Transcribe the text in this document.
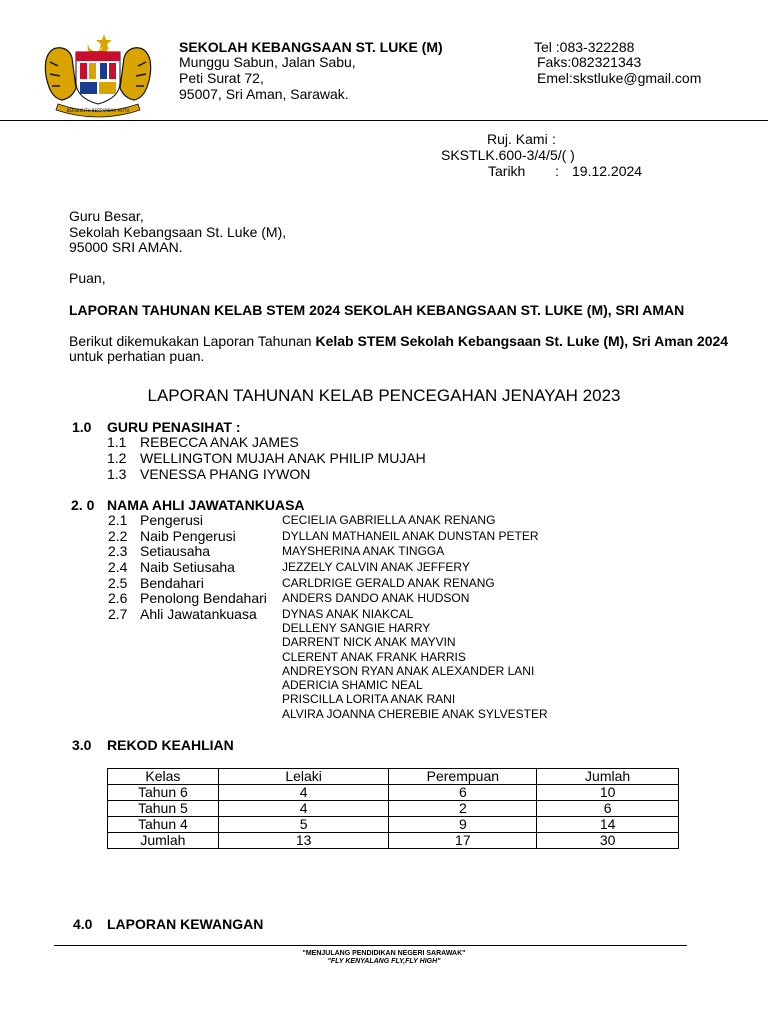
BERSEKUTU BERTAMBAH MUTU
SEKOLAH KEBANGSAAN ST. LUKE (M)
Munggu Sabun, Jalan Sabu,
Peti Surat 72,
95007, Sri Aman, Sarawak.
Tel :083-322288
Faks:082321343
Emel:skstluke@gmail.com
Ruj. Kami :
SKSTLK.600-3/4/5/( )
Tarikh : 19.12.2024
Guru Besar,
Sekolah Kebangsaan St. Luke (M),
95000 SRI AMAN.
Puan,
LAPORAN TAHUNAN KELAB STEM 2024 SEKOLAH KEBANGSAAN ST. LUKE (M), SRI AMAN
Berikut dikemukakan Laporan Tahunan Kelab STEM Sekolah Kebangsaan St. Luke (M), Sri Aman 2024
untuk perhatian puan.
LAPORAN TAHUNAN KELAB PENCEGAHAN JENAYAH 2023
1.0 GURU PENASIHAT :
1.1 REBECCA ANAK JAMES
1.2 WELLINGTON MUJAH ANAK PHILIP MUJAH
1.3 VENESSA PHANG IYWON
2. 0 NAMA AHLI JAWATANKUASA
2.1 Pengerusi	CECIELIA GABRIELLA ANAK RENANG
2.2 Naib Pengerusi	DYLLAN MATHANEIL ANAK DUNSTAN PETER
2.3 Setiausaha	MAYSHERINA ANAK TINGGA
2.4 Naib Setiusaha	JEZZELY CALVIN ANAK JEFFERY
2.5 Bendahari	CARLDRIGE GERALD ANAK RENANG
2.6 Penolong Bendahari ANDERS DANDO ANAK HUDSON
2.7 Ahli Jawatankuasa DYNAS ANAK NIAKCAL
DELLENY SANGIE HARRY
DARRENT NICK ANAK MAYVIN
CLERENT ANAK FRANK HARRIS
ANDREYSON RYAN ANAK ALEXANDER LANI
ADERICIA SHAMIC NEAL
PRISCILLA LORITA ANAK RANI
ALVIRA JOANNA CHEREBIE ANAK SYLVESTER
3.0 REKOD KEAHLIAN
Kelas	Lelaki	Perempuan	Jumlah
Tahun 6	4	6	10
Tahun 5	4	2	6
Tahun 4	5	9	14
Jumlah	13	17	30
4.0 LAPORAN KEWANGAN
"MENJULANG PENDIDIKAN NEGERI SARAWAK"
"FLY KENYALANG FLY,FLY HIGH"
